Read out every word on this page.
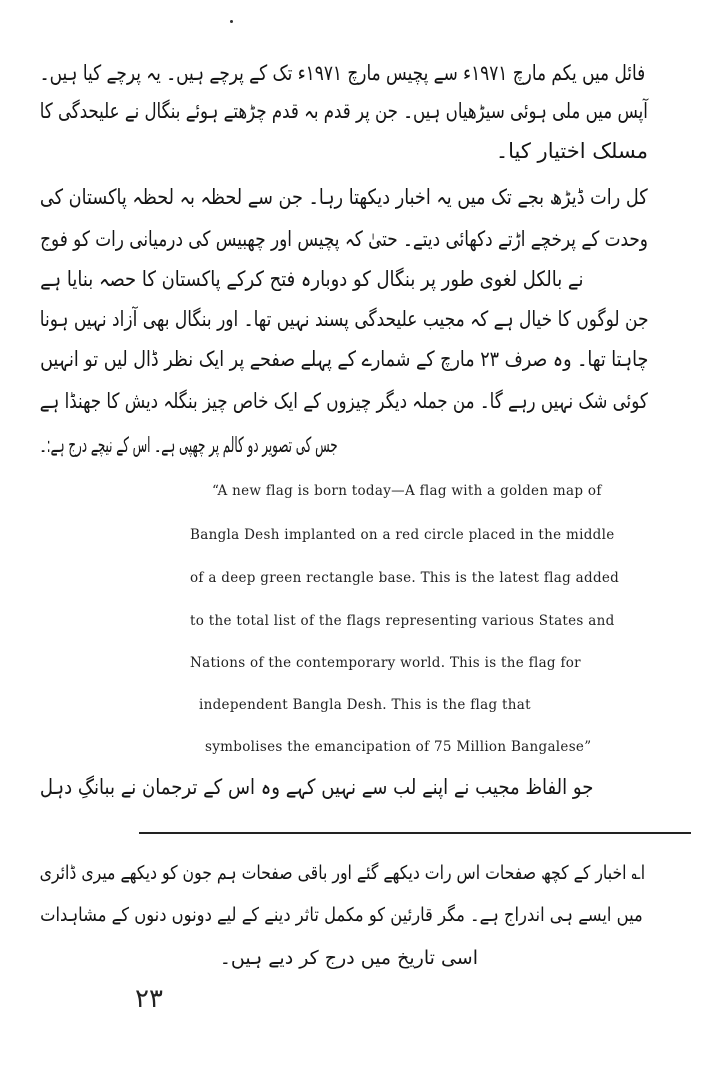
فائل میں یکم مارچ ۱۹۷۱ء سے پچیس مارچ ۱۹۷۱ء تک کے پرچے ہیں۔ یہ پرچے کیا ہیں۔
آپس میں ملی ہوئی سیڑھیاں ہیں۔ جن پر قدم بہ قدم چڑھتے ہوئے بنگال نے علیحدگی کا
مسلک اختیار کیا۔
کل رات ڈیڑھ بجے تک میں یہ اخبار دیکھتا رہا۔ جن سے لحظہ بہ لحظہ پاکستان کی
وحدت کے پرخچے اڑتے دکھائی دیتے۔ حتیٰ کہ پچیس اور چھبیس کی درمیانی رات کو فوج
نے بالکل لغوی طور پر بنگال کو دوبارہ فتح کرکے پاکستان کا حصہ بنایا ہے
جن لوگوں کا خیال ہے کہ مجیب علیحدگی پسند نہیں تھا۔ اور بنگال بھی آزاد نہیں ہونا
چاہتا تھا۔ وہ صرف ۲۳ مارچ کے شمارے کے پہلے صفحے پر ایک نظر ڈال لیں تو انہیں
کوئی شک نہیں رہے گا۔ من جملہ دیگر چیزوں کے ایک خاص چیز بنگلہ دیش کا جھنڈا ہے
جس کی تصویر دو کالم پر چھپی ہے۔ اس کے نیچے درج ہے:۔
“A new flag is born today—A flag with a golden map of
Bangla Desh implanted on a red circle placed in the middle
of a deep green rectangle base. This is the latest flag added
to the total list of the flags representing various States and
Nations of the contemporary world. This is the flag for
independent Bangla Desh. This is the flag that
symbolises the emancipation of 75 Million Bangalese”
جو الفاظ مجیب نے اپنے لب سے نہیں کہے وہ اس کے ترجمان نے ببانگِ دہل
ا؎ اخبار کے کچھ صفحات اس رات دیکھے گئے اور باقی صفحات ہم جون کو دیکھے میری ڈائری
میں ایسے ہی اندراج ہے۔ مگر قارئین کو مکمل تاثر دینے کے لیے دونوں دنوں کے مشاہدات
اسی تاریخ میں درج کر دیے ہیں۔
۲۳
